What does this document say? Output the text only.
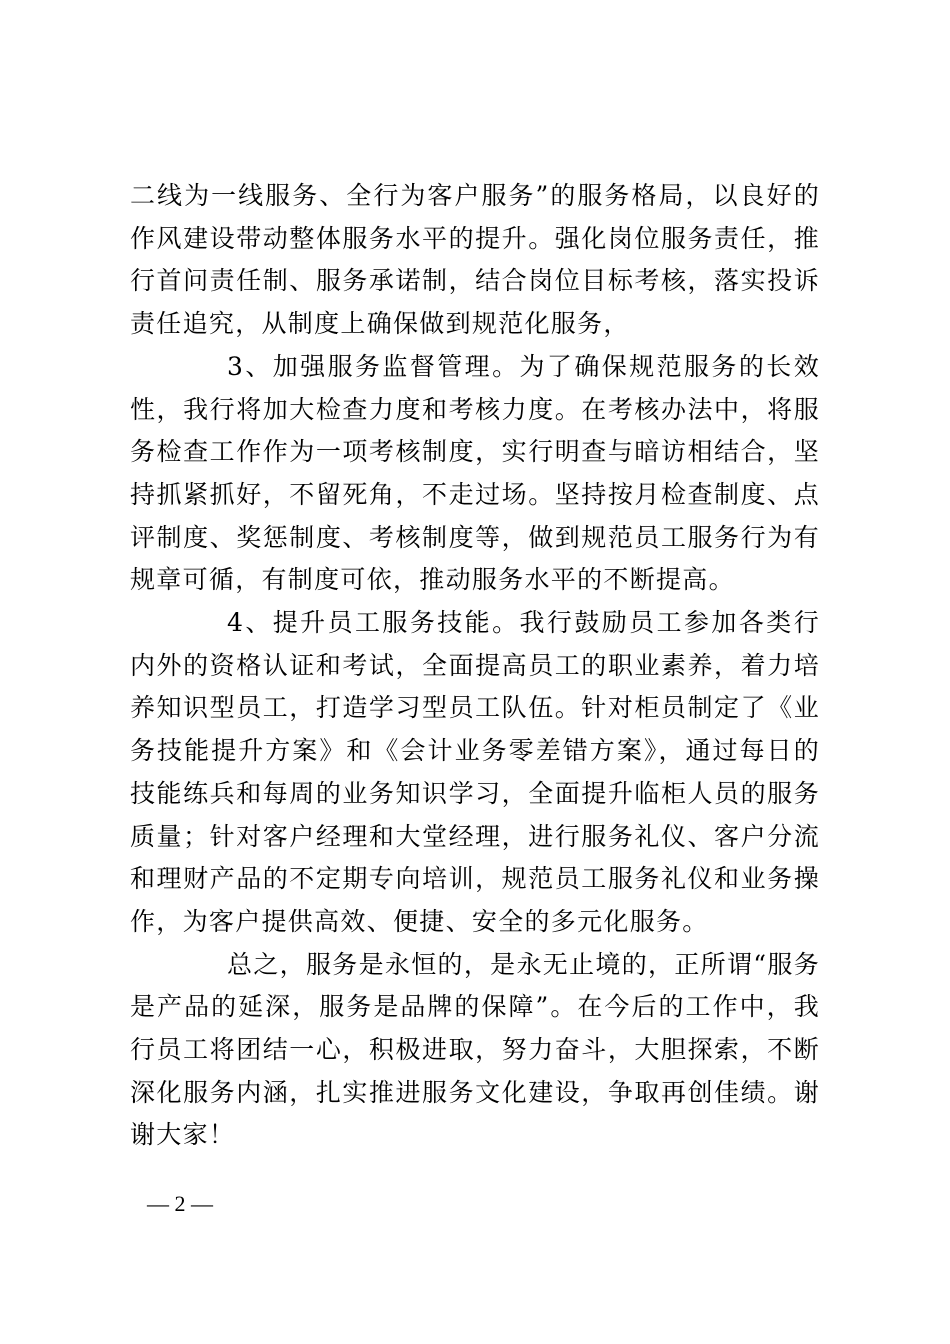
二线为一线服务、全行为客户服务”的服务格局，以良好的作风建设带动整体服务水平的提升。强化岗位服务责任，推行首问责任制、服务承诺制，结合岗位目标考核，落实投诉责任追究，从制度上确保做到规范化服务，

3、加强服务监督管理。为了确保规范服务的长效性，我行将加大检查力度和考核力度。在考核办法中，将服务检查工作作为一项考核制度，实行明查与暗访相结合，坚持抓紧抓好，不留死角，不走过场。坚持按月检查制度、点评制度、奖惩制度、考核制度等，做到规范员工服务行为有规章可循，有制度可依，推动服务水平的不断提高。

4、提升员工服务技能。我行鼓励员工参加各类行内外的资格认证和考试，全面提高员工的职业素养，着力培养知识型员工，打造学习型员工队伍。针对柜员制定了《业务技能提升方案》和《会计业务零差错方案》，通过每日的技能练兵和每周的业务知识学习，全面提升临柜人员的服务质量；针对客户经理和大堂经理，进行服务礼仪、客户分流和理财产品的不定期专向培训，规范员工服务礼仪和业务操作，为客户提供高效、便捷、安全的多元化服务。

总之，服务是永恒的，是永无止境的，正所谓“服务是产品的延深，服务是品牌的保障”。在今后的工作中，我行员工将团结一心，积极进取，努力奋斗，大胆探索，不断深化服务内涵，扎实推进服务文化建设，争取再创佳绩。谢谢大家！

— 2 —
